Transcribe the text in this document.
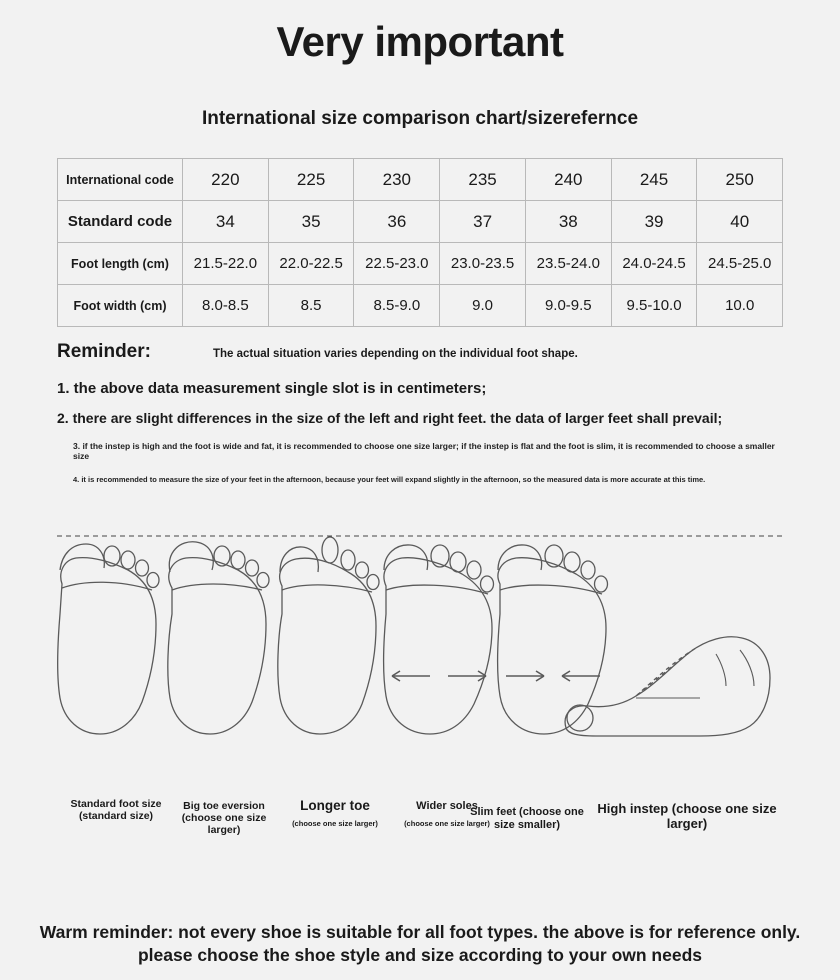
Very important
International size comparison chart/sizerefernce
International code	220	225	230	235	240	245	250
Standard code	34	35	36	37	38	39	40
Foot length (cm)	21.5-22.0	22.0-22.5	22.5-23.0	23.0-23.5	23.5-24.0	24.0-24.5	24.5-25.0
Foot width (cm)	8.0-8.5	8.5	8.5-9.0	9.0	9.0-9.5	9.5-10.0	10.0
Reminder:	The actual situation varies depending on the individual foot shape.
1. the above data measurement single slot is in centimeters;
2. there are slight differences in the size of the left and right feet. the data of larger feet shall prevail;
3. if the instep is high and the foot is wide and fat, it is recommended to choose one size larger; if the instep is flat and the foot is slim, it is recommended to choose a smaller size
4. it is recommended to measure the size of your feet in the afternoon, because your feet will expand slightly in the afternoon, so the measured data is more accurate at this time.
Standard foot size (standard size)
Big toe eversion (choose one size larger)
Longer toe
(choose one size larger)
Wider soles
(choose one size larger)
Slim feet (choose one size smaller)
High instep (choose one size larger)
Warm reminder: not every shoe is suitable for all foot types. the above is for reference only. please choose the shoe style and size according to your own needs
